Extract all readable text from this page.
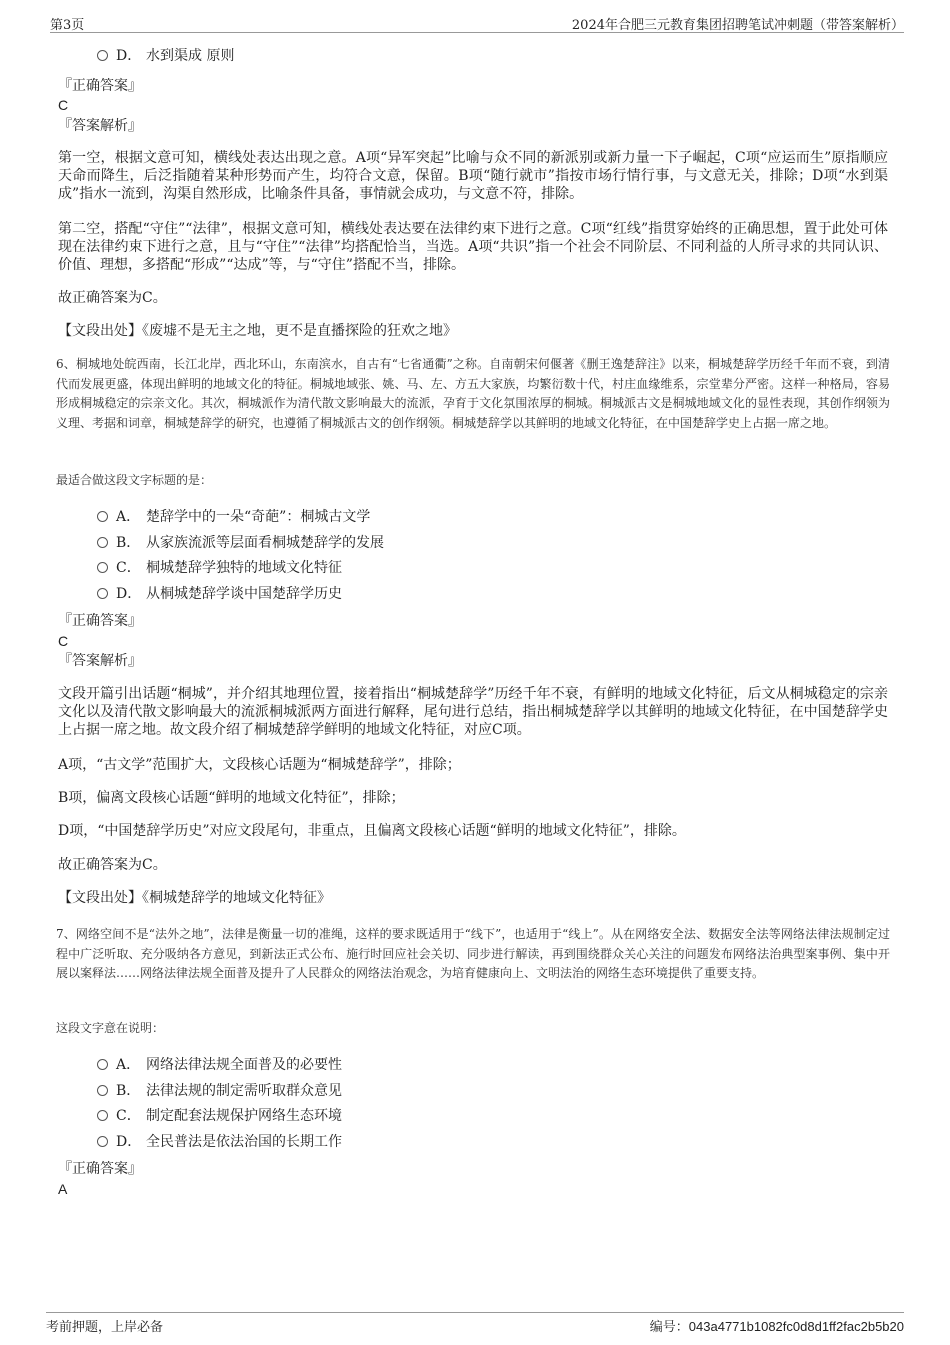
第3页	2024年合肥三元教育集团招聘笔试冲刺题（带答案解析）
D． 水到渠成 原则
『正确答案』
C
『答案解析』
第一空，根据文意可知，横线处表达出现之意。A项“异军突起”比喻与众不同的新派别或新力量一下子崛起，C项“应运而生”原指顺应天命而降生，后泛指随着某种形势而产生，均符合文意，保留。B项“随行就市”指按市场行情行事，与文意无关，排除；D项“水到渠成”指水一流到，沟渠自然形成，比喻条件具备，事情就会成功，与文意不符，排除。
第二空，搭配“守住”“法律”，根据文意可知，横线处表达要在法律约束下进行之意。C项“红线”指贯穿始终的正确思想，置于此处可体现在法律约束下进行之意，且与“守住”“法律”均搭配恰当，当选。A项“共识”指一个社会不同阶层、不同利益的人所寻求的共同认识、价值、理想，多搭配“形成”“达成”等，与“守住”搭配不当，排除。
故正确答案为C。
【文段出处】《废墟不是无主之地，更不是直播探险的狂欢之地》
6、桐城地处皖西南，长江北岸，西北环山，东南滨水，自古有“七省通衢”之称。自南朝宋何偃著《删王逸楚辞注》以来，桐城楚辞学历经千年而不衰，到清代而发展更盛，体现出鲜明的地域文化的特征。桐城地域张、姚、马、左、方五大家族，均繁衍数十代，村庄血缘维系，宗堂辈分严密。这样一种格局，容易形成桐城稳定的宗亲文化。其次，桐城派作为清代散文影响最大的流派，孕育于文化氛围浓厚的桐城。桐城派古文是桐城地域文化的显性表现，其创作纲领为义理、考据和词章，桐城楚辞学的研究，也遵循了桐城派古文的创作纲领。桐城楚辞学以其鲜明的地域文化特征，在中国楚辞学史上占据一席之地。
最适合做这段文字标题的是：
A． 楚辞学中的一朵“奇葩”：桐城古文学
B． 从家族流派等层面看桐城楚辞学的发展
C． 桐城楚辞学独特的地域文化特征
D． 从桐城楚辞学谈中国楚辞学历史
『正确答案』
C
『答案解析』
文段开篇引出话题“桐城”，并介绍其地理位置，接着指出“桐城楚辞学”历经千年不衰，有鲜明的地域文化特征，后文从桐城稳定的宗亲文化以及清代散文影响最大的流派桐城派两方面进行解释，尾句进行总结，指出桐城楚辞学以其鲜明的地域文化特征，在中国楚辞学史上占据一席之地。故文段介绍了桐城楚辞学鲜明的地域文化特征，对应C项。
A项，“古文学”范围扩大，文段核心话题为“桐城楚辞学”，排除；
B项，偏离文段核心话题“鲜明的地域文化特征”，排除；
D项，“中国楚辞学历史”对应文段尾句，非重点，且偏离文段核心话题“鲜明的地域文化特征”，排除。
故正确答案为C。
【文段出处】《桐城楚辞学的地域文化特征》
7、网络空间不是“法外之地”，法律是衡量一切的准绳，这样的要求既适用于“线下”，也适用于“线上”。从在网络安全法、数据安全法等网络法律法规制定过程中广泛听取、充分吸纳各方意见，到新法正式公布、施行时回应社会关切、同步进行解读，再到围绕群众关心关注的问题发布网络法治典型案事例、集中开展以案释法……网络法律法规全面普及提升了人民群众的网络法治观念，为培育健康向上、文明法治的网络生态环境提供了重要支持。
这段文字意在说明：
A． 网络法律法规全面普及的必要性
B． 法律法规的制定需听取群众意见
C． 制定配套法规保护网络生态环境
D． 全民普法是依法治国的长期工作
『正确答案』
A
考前押题，上岸必备	编号：043a4771b1082fc0d8d1ff2fac2b5b20
